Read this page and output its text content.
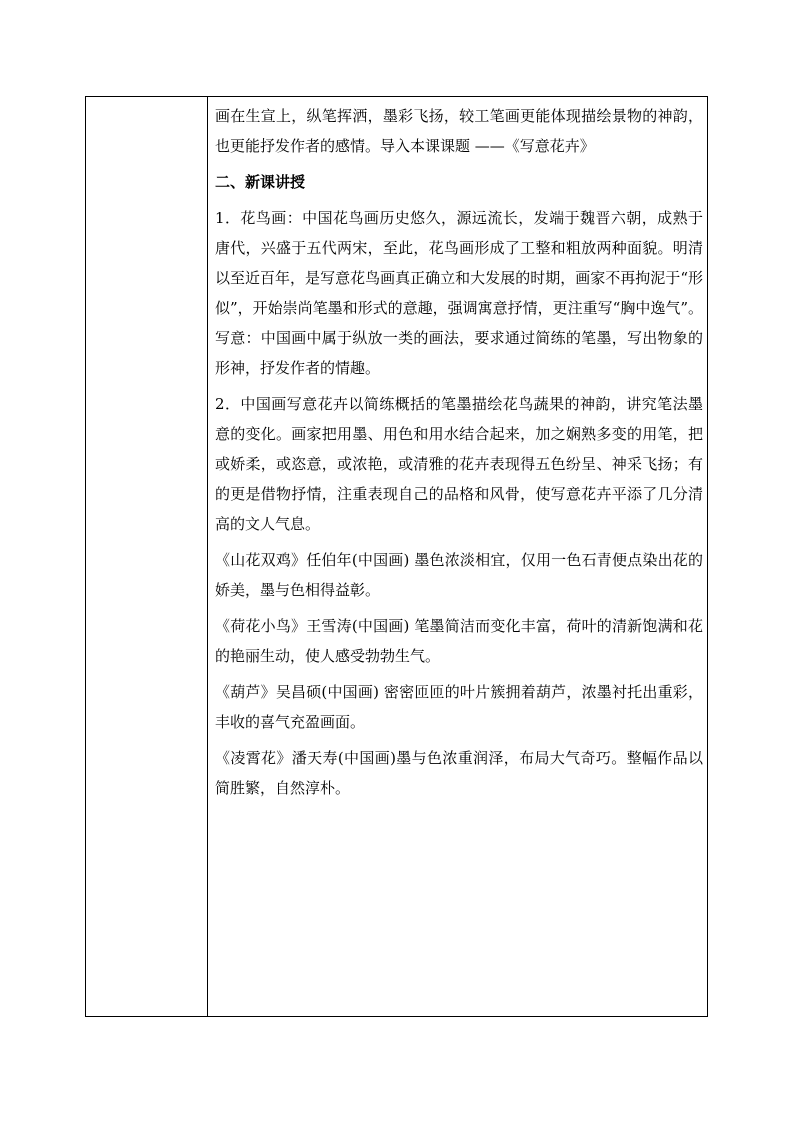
画在生宣上，纵笔挥洒，墨彩飞扬，较工笔画更能体现描绘景物的神韵，也更能抒发作者的感情。导入本课课题 ——《写意花卉》

二、新课讲授

1．花鸟画：中国花鸟画历史悠久，源远流长，发端于魏晋六朝，成熟于唐代，兴盛于五代两宋，至此，花鸟画形成了工整和粗放两种面貌。明清以至近百年，是写意花鸟画真正确立和大发展的时期，画家不再拘泥于“形似”，开始崇尚笔墨和形式的意趣，强调寓意抒情，更注重写“胸中逸气”。写意：中国画中属于纵放一类的画法，要求通过简练的笔墨，写出物象的形神，抒发作者的情趣。

2．中国画写意花卉以简练概括的笔墨描绘花鸟蔬果的神韵，讲究笔法墨意的变化。画家把用墨、用色和用水结合起来，加之娴熟多变的用笔，把或娇柔，或恣意，或浓艳，或清雅的花卉表现得五色纷呈、神采飞扬；有的更是借物抒情，注重表现自己的品格和风骨，使写意花卉平添了几分清高的文人气息。

《山花双鸡》任伯年(中国画) 墨色浓淡相宜，仅用一色石青便点染出花的娇美，墨与色相得益彰。

《荷花小鸟》王雪涛(中国画) 笔墨简洁而变化丰富，荷叶的清新饱满和花的艳丽生动，使人感受勃勃生气。

《葫芦》吴昌硕(中国画) 密密匝匝的叶片簇拥着葫芦，浓墨衬托出重彩，丰收的喜气充盈画面。

《凌霄花》潘天寿(中国画)墨与色浓重润泽，布局大气奇巧。整幅作品以简胜繁，自然淳朴。
